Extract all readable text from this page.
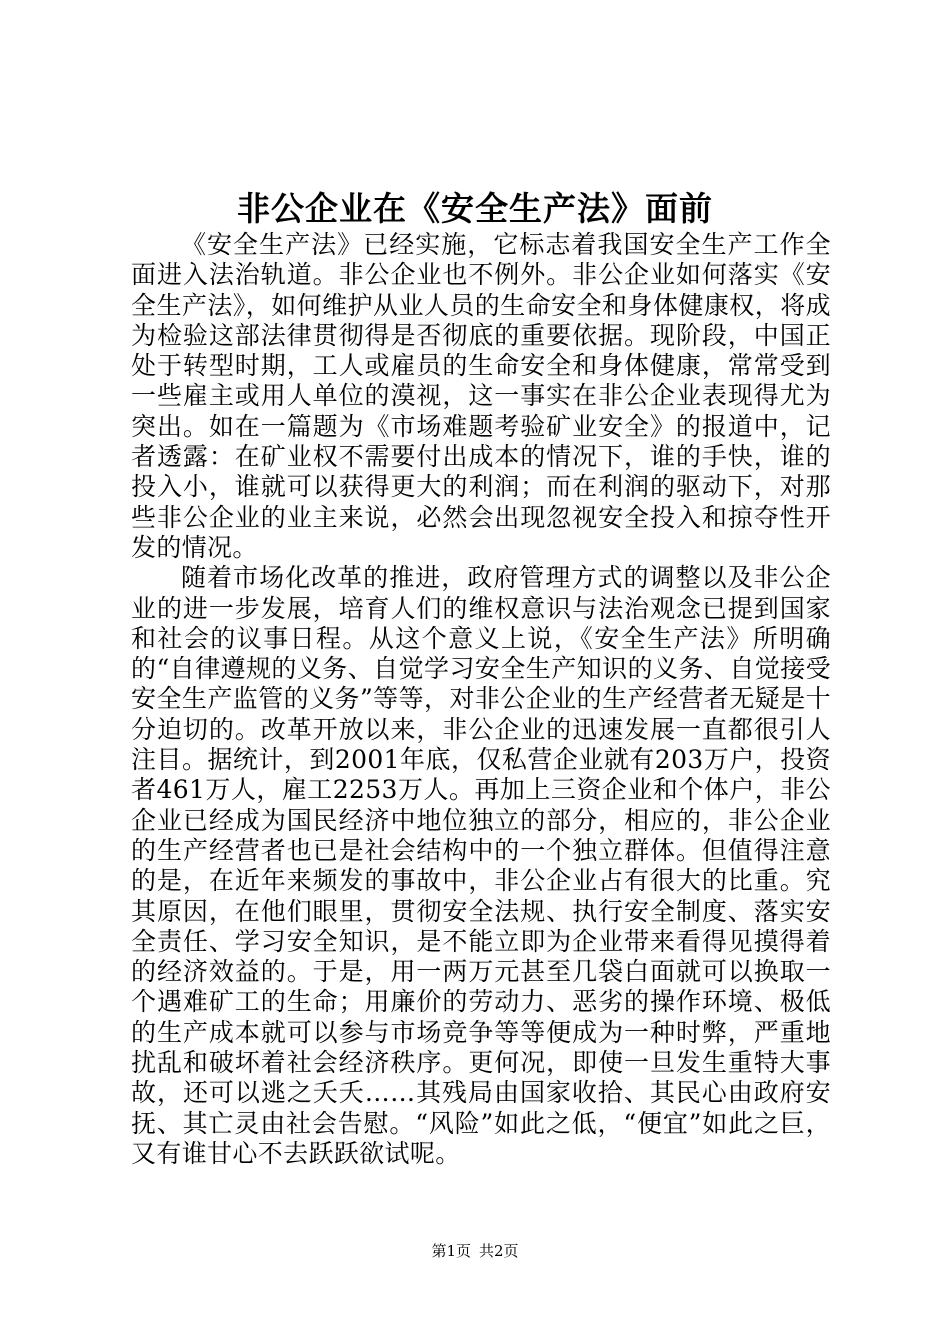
非公企业在《安全生产法》面前

《安全生产法》已经实施，它标志着我国安全生产工作全面进入法治轨道。非公企业也不例外。非公企业如何落实《安全生产法》，如何维护从业人员的生命安全和身体健康权，将成为检验这部法律贯彻得是否彻底的重要依据。现阶段，中国正处于转型时期，工人或雇员的生命安全和身体健康，常常受到一些雇主或用人单位的漠视，这一事实在非公企业表现得尤为突出。如在一篇题为《市场难题考验矿业安全》的报道中，记者透露：在矿业权不需要付出成本的情况下，谁的手快，谁的投入小，谁就可以获得更大的利润；而在利润的驱动下，对那些非公企业的业主来说，必然会出现忽视安全投入和掠夺性开发的情况。

随着市场化改革的推进，政府管理方式的调整以及非公企业的进一步发展，培育人们的维权意识与法治观念已提到国家和社会的议事日程。从这个意义上说，《安全生产法》所明确的“自律遵规的义务、自觉学习安全生产知识的义务、自觉接受安全生产监管的义务”等等，对非公企业的生产经营者无疑是十分迫切的。改革开放以来，非公企业的迅速发展一直都很引人注目。据统计，到2001年底，仅私营企业就有203万户，投资者461万人，雇工2253万人。再加上三资企业和个体户，非公企业已经成为国民经济中地位独立的部分，相应的，非公企业的生产经营者也已是社会结构中的一个独立群体。但值得注意的是，在近年来频发的事故中，非公企业占有很大的比重。究其原因，在他们眼里，贯彻安全法规、执行安全制度、落实安全责任、学习安全知识，是不能立即为企业带来看得见摸得着的经济效益的。于是，用一两万元甚至几袋白面就可以换取一个遇难矿工的生命；用廉价的劳动力、恶劣的操作环境、极低的生产成本就可以参与市场竞争等等便成为一种时弊，严重地扰乱和破坏着社会经济秩序。更何况，即使一旦发生重特大事故，还可以逃之夭夭……其残局由国家收拾、其民心由政府安抚、其亡灵由社会告慰。“风险”如此之低，“便宜”如此之巨，又有谁甘心不去跃跃欲试呢。

第1页 共2页
